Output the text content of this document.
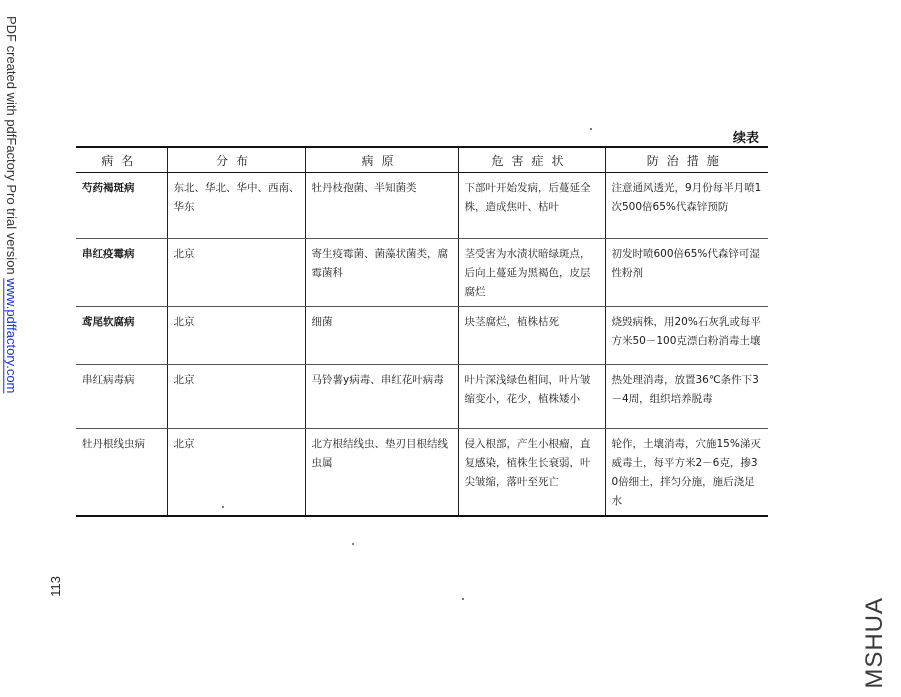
PDF created with pdfFactory Pro trial version www.pdffactory.com
113
MSHUA
续表
病名	分布	病原	危害症状	防治措施
芍药褐斑病	东北、华北、华中、西南、华东	牡丹枝孢菌、半知菌类	下部叶开始发病，后蔓延全株，造成焦叶、枯叶	注意通风透光，9月份每半月喷1次500倍65%代森锌预防
串红疫霉病	北京	寄生疫霉菌、菌藻状菌类，腐霉菌科	茎受害为水渍状暗绿斑点，后向上蔓延为黑褐色，皮层腐烂	初发时喷600倍65%代森锌可湿性粉剂
鸢尾软腐病	北京	细菌	块茎腐烂，植株枯死	烧毁病株，用20%石灰乳或每平方米50－100克漂白粉消毒土壤
串红病毒病	北京	马铃薯y病毒、串红花叶病毒	叶片深浅绿色相间，叶片皱缩变小，花少，植株矮小	热处理消毒，放置36℃条件下3－4周，组织培养脱毒
牡丹根线虫病	北京	北方根结线虫、垫刃目根结线虫属	侵入根部，产生小根瘤，直复感染，植株生长衰弱，叶尖皱缩，落叶至死亡	轮作，土壤消毒，穴施15%涕灭威毒土，每平方米2－6克，掺30倍细土，拌匀分施，施后浇足水
